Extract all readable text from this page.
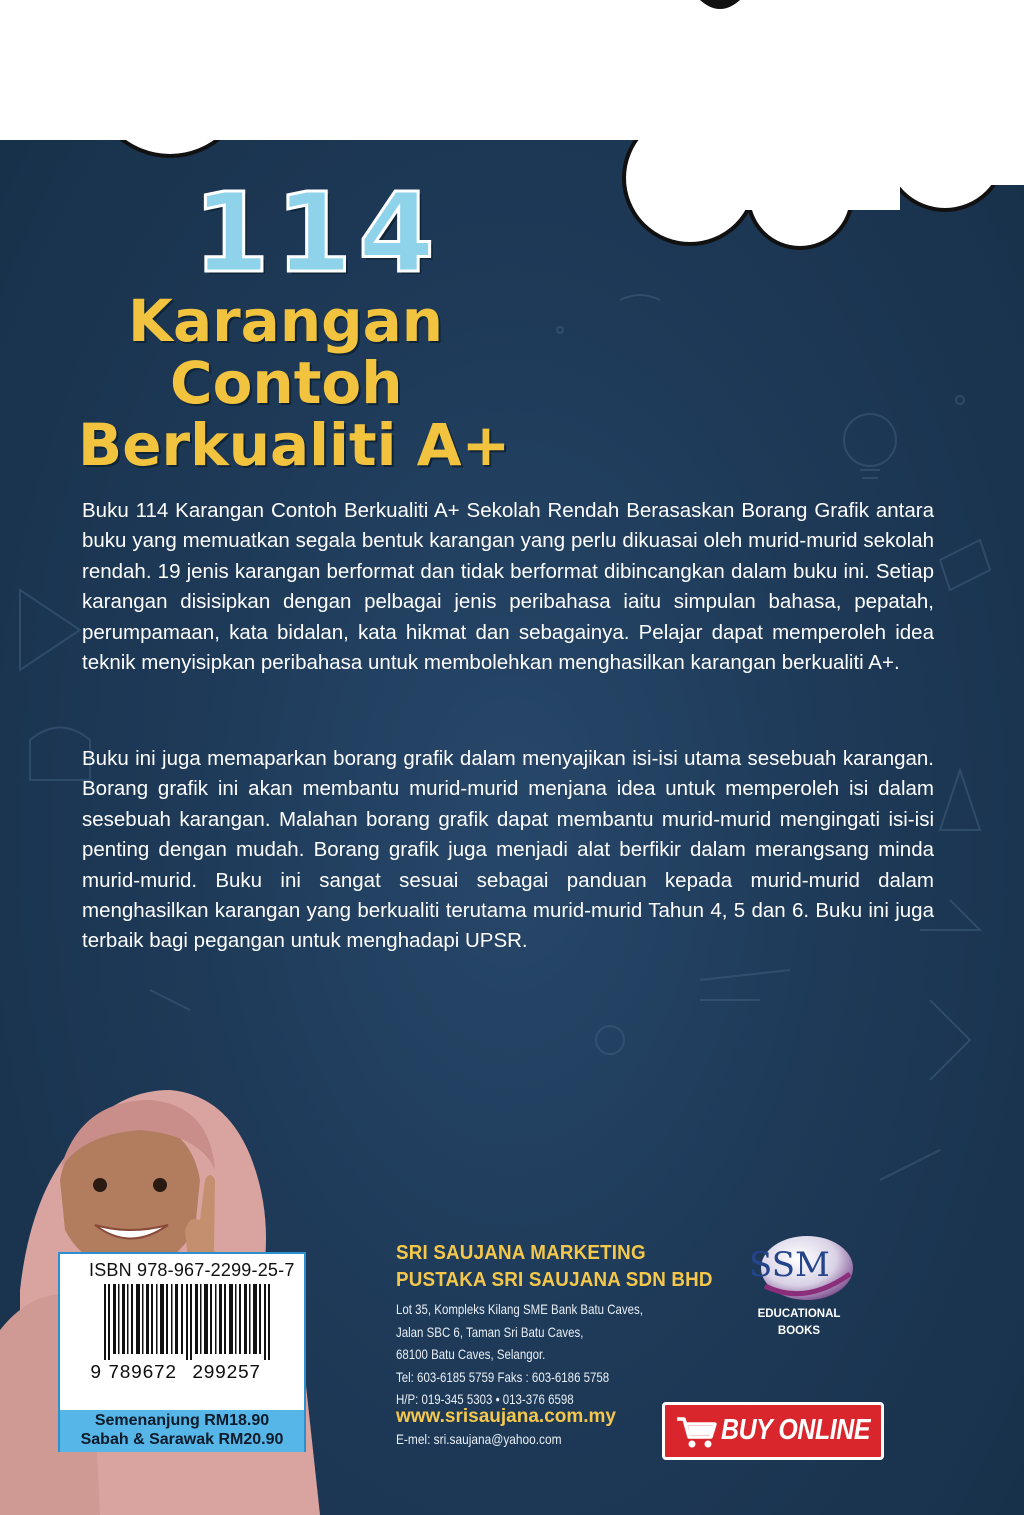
114
Karangan
Contoh
Berkualiti A+

Buku 114 Karangan Contoh Berkualiti A+ Sekolah Rendah Berasaskan Borang Grafik antara buku yang memuatkan segala bentuk karangan yang perlu dikuasai oleh murid-murid sekolah rendah. 19 jenis karangan berformat dan tidak berformat dibincangkan dalam buku ini. Setiap karangan disisipkan dengan pelbagai jenis peribahasa iaitu simpulan bahasa, pepatah, perumpamaan, kata bidalan, kata hikmat dan sebagainya. Pelajar dapat memperoleh idea teknik menyisipkan peribahasa untuk membolehkan menghasilkan karangan berkualiti A+.

Buku ini juga memaparkan borang grafik dalam menyajikan isi-isi utama sesebuah karangan. Borang grafik ini akan membantu murid-murid menjana idea untuk memperoleh isi dalam sesebuah karangan. Malahan borang grafik dapat membantu murid-murid mengingati isi-isi penting dengan mudah. Borang grafik juga menjadi alat berfikir dalam merangsang minda murid-murid. Buku ini sangat sesuai sebagai panduan kepada murid-murid dalam menghasilkan karangan yang berkualiti terutama murid-murid Tahun 4, 5 dan 6. Buku ini juga terbaik bagi pegangan untuk menghadapi UPSR.

ISBN 978-967-2299-25-7
9 789672 299257
Semenanjung RM18.90
Sabah & Sarawak RM20.90
SRI SAUJANA MARKETING
PUSTAKA SRI SAUJANA SDN BHD
Lot 35, Kompleks Kilang SME Bank Batu Caves,
Jalan SBC 6, Taman Sri Batu Caves,
68100 Batu Caves, Selangor.
Tel: 603-6185 5759 Faks : 603-6186 5758
H/P: 019-345 5303 • 013-376 6598
www.srisaujana.com.my
E-mel: sri.saujana@yahoo.com
SSM
EDUCATIONAL
BOOKS
BUY ONLINE
